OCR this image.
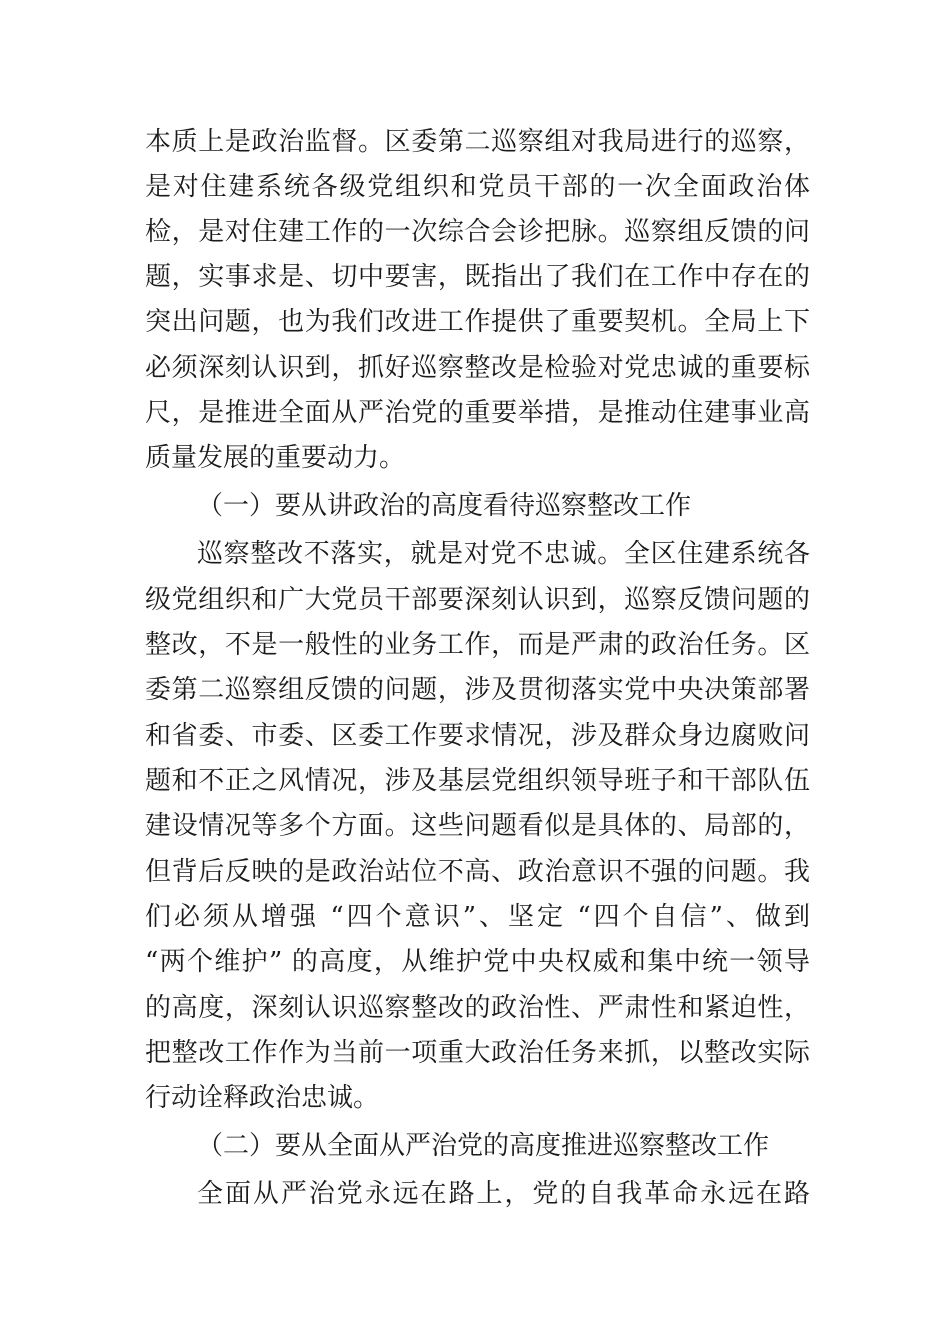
本质上是政治监督。区委第二巡察组对我局进行的巡察，
是对住建系统各级党组织和党员干部的一次全面政治体
检，是对住建工作的一次综合会诊把脉。巡察组反馈的问
题，实事求是、切中要害，既指出了我们在工作中存在的
突出问题，也为我们改进工作提供了重要契机。全局上下
必须深刻认识到，抓好巡察整改是检验对党忠诚的重要标
尺，是推进全面从严治党的重要举措，是推动住建事业高
质量发展的重要动力。
（一）要从讲政治的高度看待巡察整改工作
巡察整改不落实，就是对党不忠诚。全区住建系统各
级党组织和广大党员干部要深刻认识到，巡察反馈问题的
整改，不是一般性的业务工作，而是严肃的政治任务。区
委第二巡察组反馈的问题，涉及贯彻落实党中央决策部署
和省委、市委、区委工作要求情况，涉及群众身边腐败问
题和不正之风情况，涉及基层党组织领导班子和干部队伍
建设情况等多个方面。这些问题看似是具体的、局部的，
但背后反映的是政治站位不高、政治意识不强的问题。我
们必须从增强 “四个意识”、坚定 “四个自信”、做到
“两个维护” 的高度，从维护党中央权威和集中统一领导
的高度，深刻认识巡察整改的政治性、严肃性和紧迫性，
把整改工作作为当前一项重大政治任务来抓，以整改实际
行动诠释政治忠诚。
（二）要从全面从严治党的高度推进巡察整改工作
全面从严治党永远在路上，党的自我革命永远在路
